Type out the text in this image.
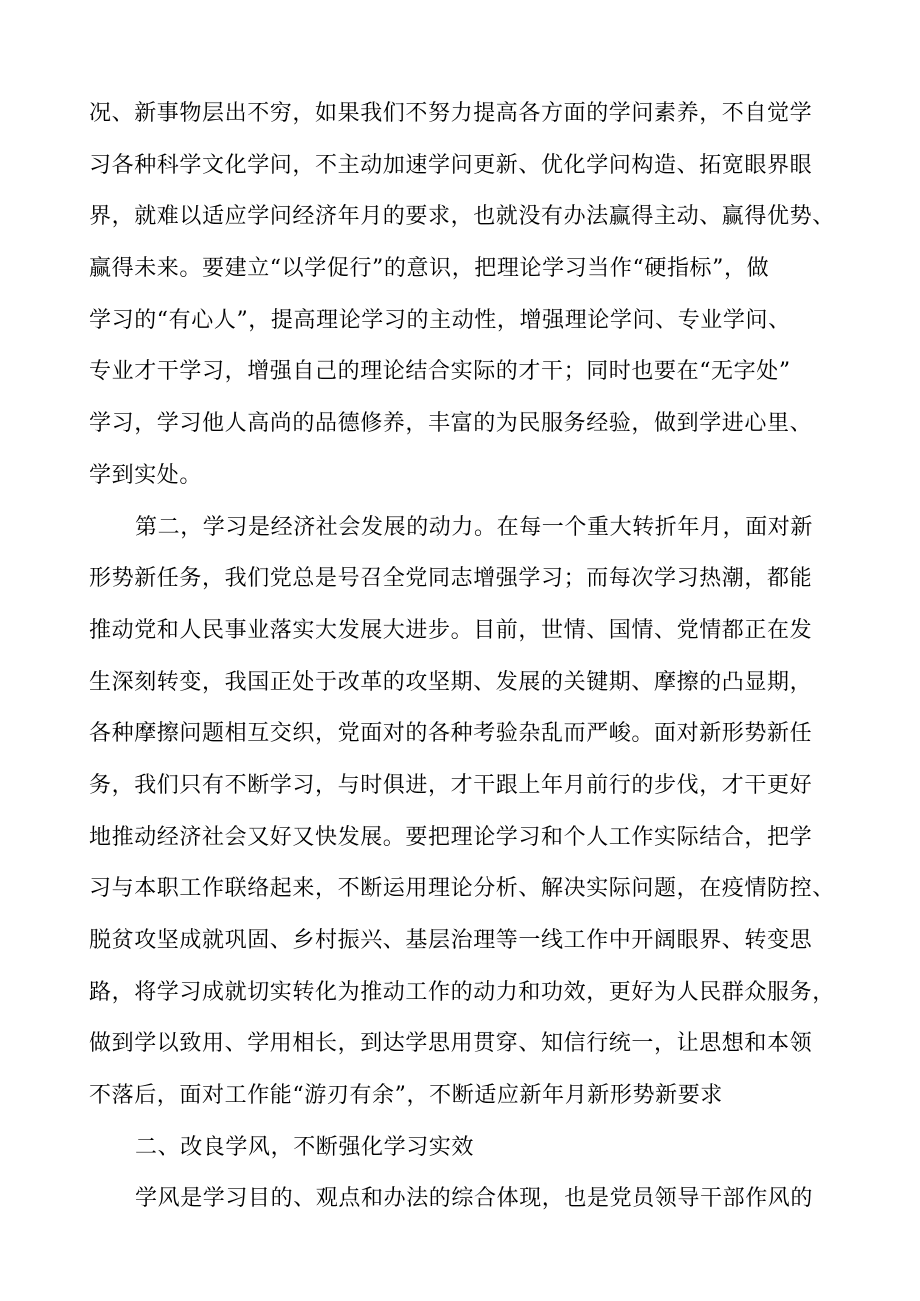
况、新事物层出不穷，如果我们不努力提高各方面的学问素养，不自觉学
习各种科学文化学问，不主动加速学问更新、优化学问构造、拓宽眼界眼
界，就难以适应学问经济年月的要求，也就没有办法赢得主动、赢得优势、
赢得未来。要建立“以学促行”的意识，把理论学习当作“硬指标”，做
学习的“有心人”，提高理论学习的主动性，增强理论学问、专业学问、
专业才干学习，增强自己的理论结合实际的才干；同时也要在“无字处”
学习，学习他人高尚的品德修养，丰富的为民服务经验，做到学进心里、
学到实处。
第二，学习是经济社会发展的动力。在每一个重大转折年月，面对新
形势新任务，我们党总是号召全党同志增强学习；而每次学习热潮，都能
推动党和人民事业落实大发展大进步。目前，世情、国情、党情都正在发
生深刻转变，我国正处于改革的攻坚期、发展的关键期、摩擦的凸显期，
各种摩擦问题相互交织，党面对的各种考验杂乱而严峻。面对新形势新任
务，我们只有不断学习，与时俱进，才干跟上年月前行的步伐，才干更好
地推动经济社会又好又快发展。要把理论学习和个人工作实际结合，把学
习与本职工作联络起来，不断运用理论分析、解决实际问题，在疫情防控、
脱贫攻坚成就巩固、乡村振兴、基层治理等一线工作中开阔眼界、转变思
路，将学习成就切实转化为推动工作的动力和功效，更好为人民群众服务，
做到学以致用、学用相长，到达学思用贯穿、知信行统一，让思想和本领
不落后，面对工作能“游刃有余”，不断适应新年月新形势新要求
二、改良学风，不断强化学习实效
学风是学习目的、观点和办法的综合体现，也是党员领导干部作风的
